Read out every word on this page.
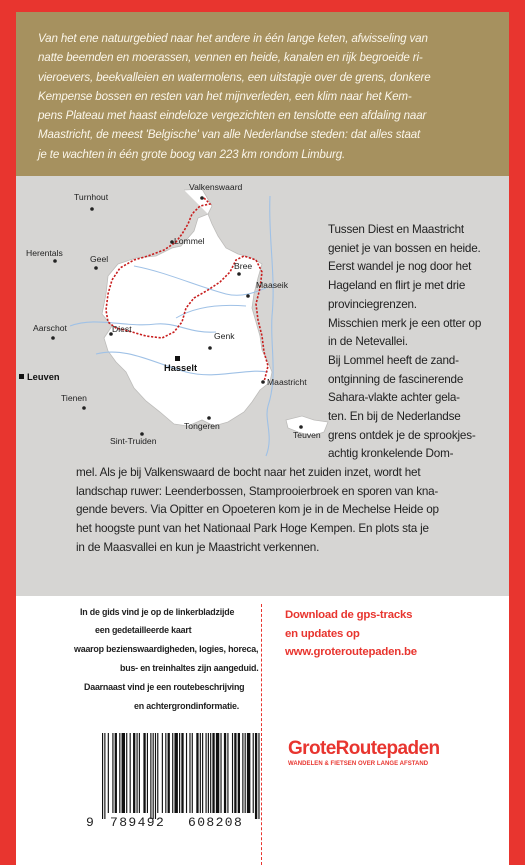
Van het ene natuurgebied naar het andere in één lange keten, afwisseling van
natte beemden en moerassen, vennen en heide, kanalen en rijk begroeide ri-
vieroevers, beekvalleien en watermolens, een uitstapje over de grens, donkere
Kempense bossen en resten van het mijnverleden, een klim naar het Kem-
pens Plateau met haast eindeloze vergezichten en tenslotte een afdaling naar
Maastricht, de meest 'Belgische' van alle Nederlandse steden: dat alles staat
je te wachten in één grote boog van 223 km rondom Limburg.

Turnhout
Valkenswaard
Herentals
Geel
Lommel
Bree
Maaseik
Aarschot	Diest
Genk
Hasselt
Leuven	Maastricht
Tienen
Sint-Truiden
Tongeren
Teuven

Tussen Diest en Maastricht
geniet je van bossen en heide.
Eerst wandel je nog door het
Hageland en flirt je met drie
provinciegrenzen.
Misschien merk je een otter op
in de Netevallei.
Bij Lommel heeft de zand-
ontginning de fascinerende
Sahara-vlakte achter gela-
ten. En bij de Nederlandse
grens ontdek je de sprookjes-
achtig kronkelende Dom-

mel. Als je bij Valkenswaard de bocht naar het zuiden inzet, wordt het
landschap ruwer: Leenderbossen, Stamprooierbroek en sporen van kna-
gende bevers. Via Opitter en Opoeteren kom je in de Mechelse Heide op
het hoogste punt van het Nationaal Park Hoge Kempen. En plots sta je
in de Maasvallei en kun je Maastricht verkennen.

In de gids vind je op de linkerbladzijde
een gedetailleerde kaart
waarop bezienswaardigheden, logies, horeca,
bus- en treinhaltes zijn aangeduid.
Daarnaast vind je een routebeschrijving
en achtergrondinformatie.

Download de gps-tracks
en updates op
www.groteroutepaden.be

9 789492 608208
GroteRoutepaden
WANDELEN & FIETSEN OVER LANGE AFSTAND
